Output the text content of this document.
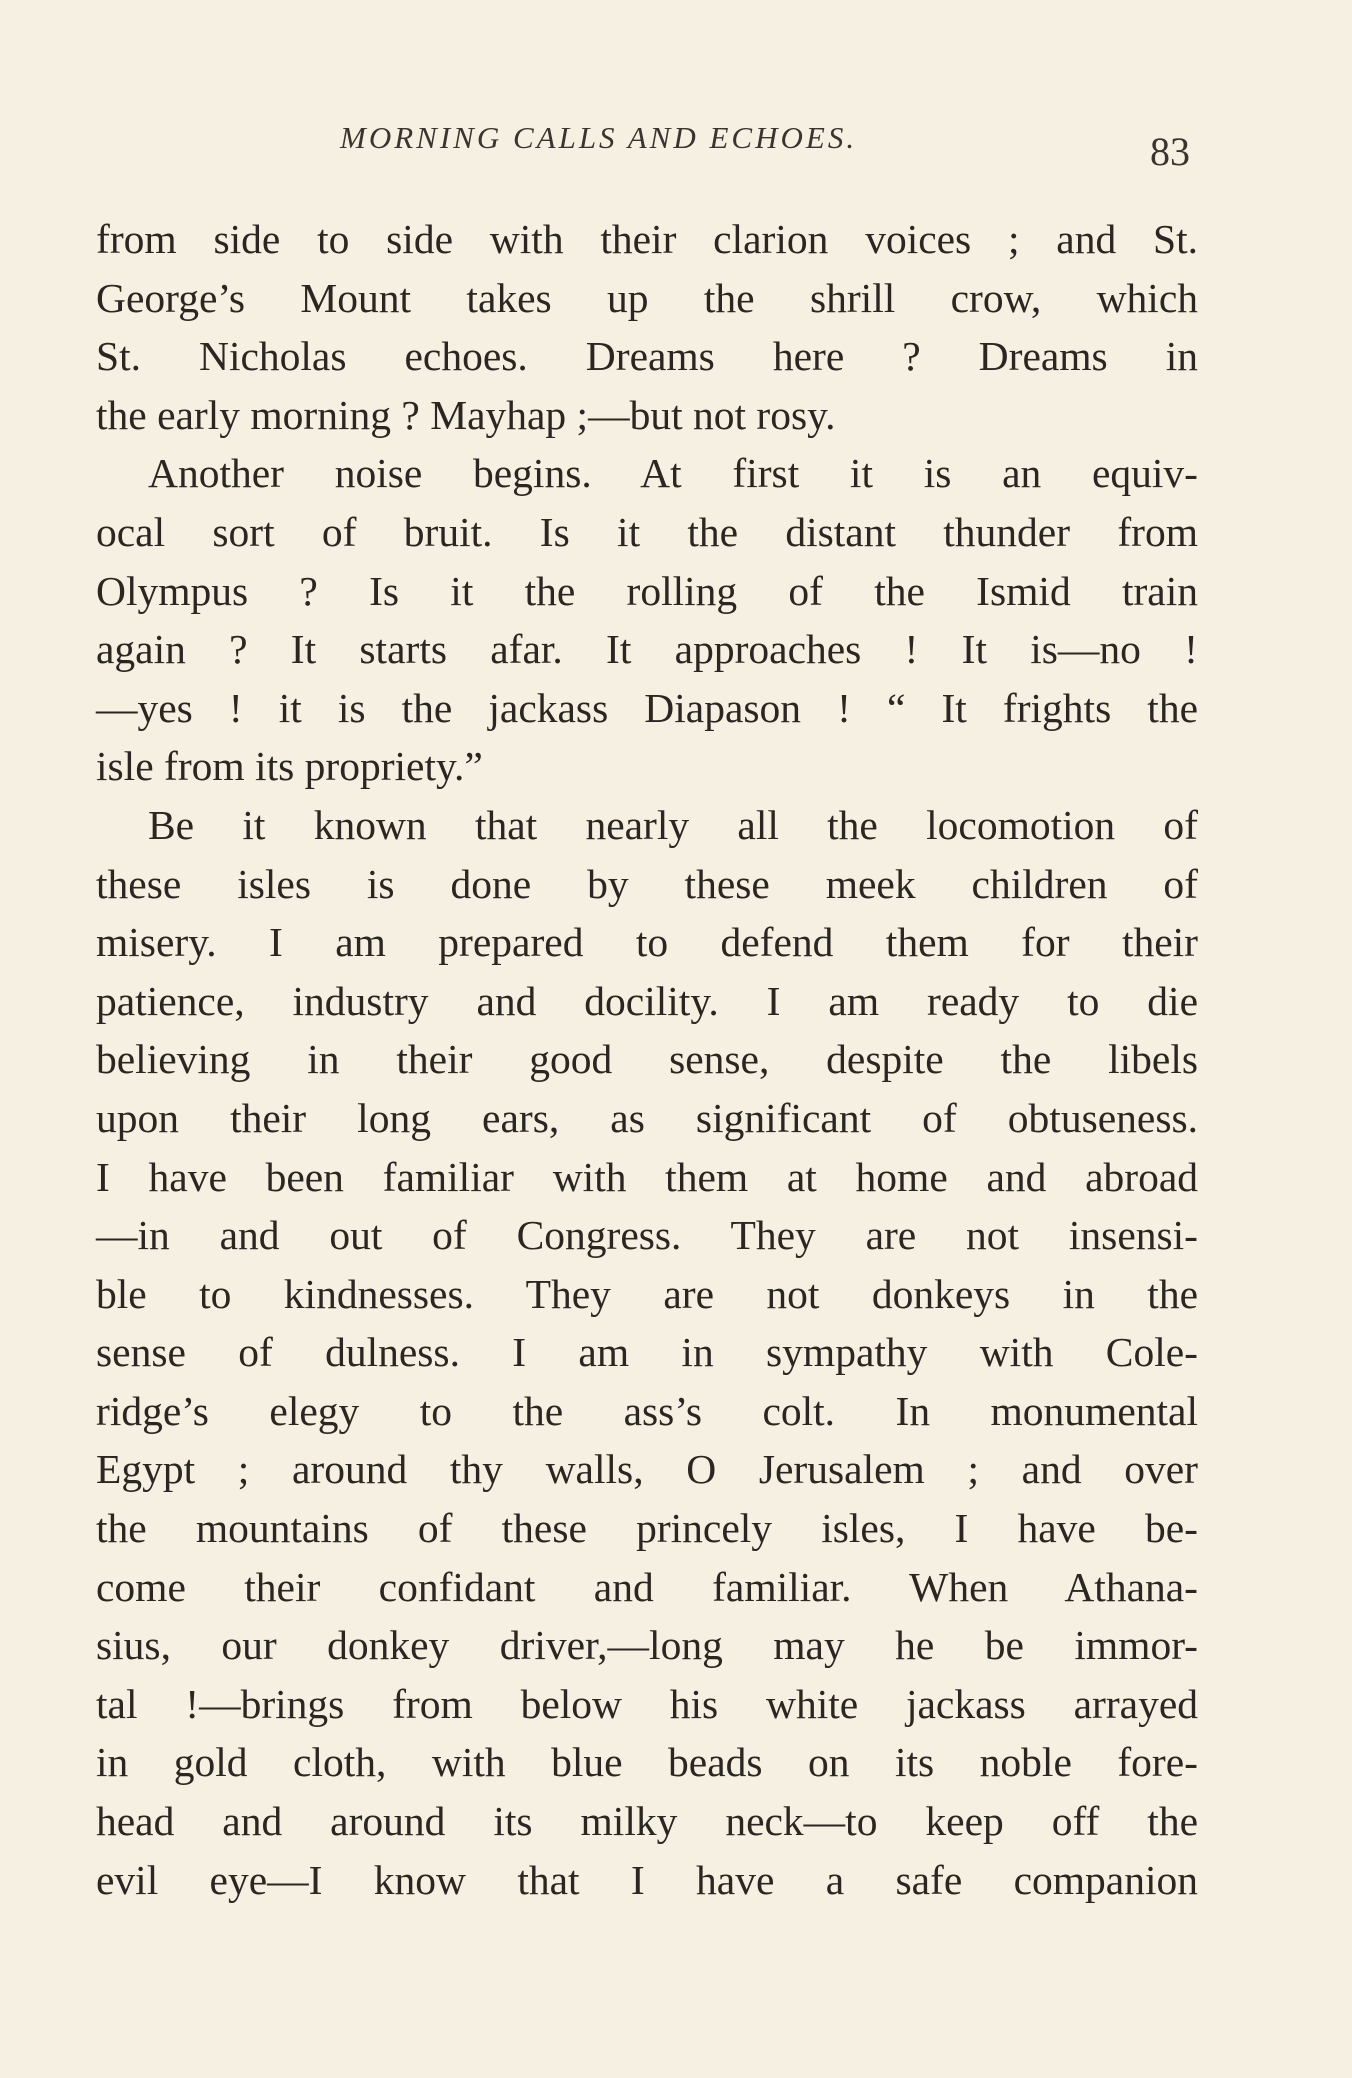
MORNING CALLS AND ECHOES.	83
from side to side with their clarion voices ; and St.
George’s Mount takes up the shrill crow, which
St. Nicholas echoes. Dreams here ? Dreams in
the early morning ? Mayhap ;—but not rosy.
Another noise begins. At first it is an equiv-
ocal sort of bruit. Is it the distant thunder from
Olympus ? Is it the rolling of the Ismid train
again ? It starts afar. It approaches ! It is—no !
—yes ! it is the jackass Diapason ! “ It frights the
isle from its propriety.”
Be it known that nearly all the locomotion of
these isles is done by these meek children of
misery. I am prepared to defend them for their
patience, industry and docility. I am ready to die
believing in their good sense, despite the libels
upon their long ears, as significant of obtuseness.
I have been familiar with them at home and abroad
—in and out of Congress. They are not insensi-
ble to kindnesses. They are not donkeys in the
sense of dulness. I am in sympathy with Cole-
ridge’s elegy to the ass’s colt. In monumental
Egypt ; around thy walls, O Jerusalem ; and over
the mountains of these princely isles, I have be-
come their confidant and familiar. When Athana-
sius, our donkey driver,—long may he be immor-
tal !—brings from below his white jackass arrayed
in gold cloth, with blue beads on its noble fore-
head and around its milky neck—to keep off the
evil eye—I know that I have a safe companion
